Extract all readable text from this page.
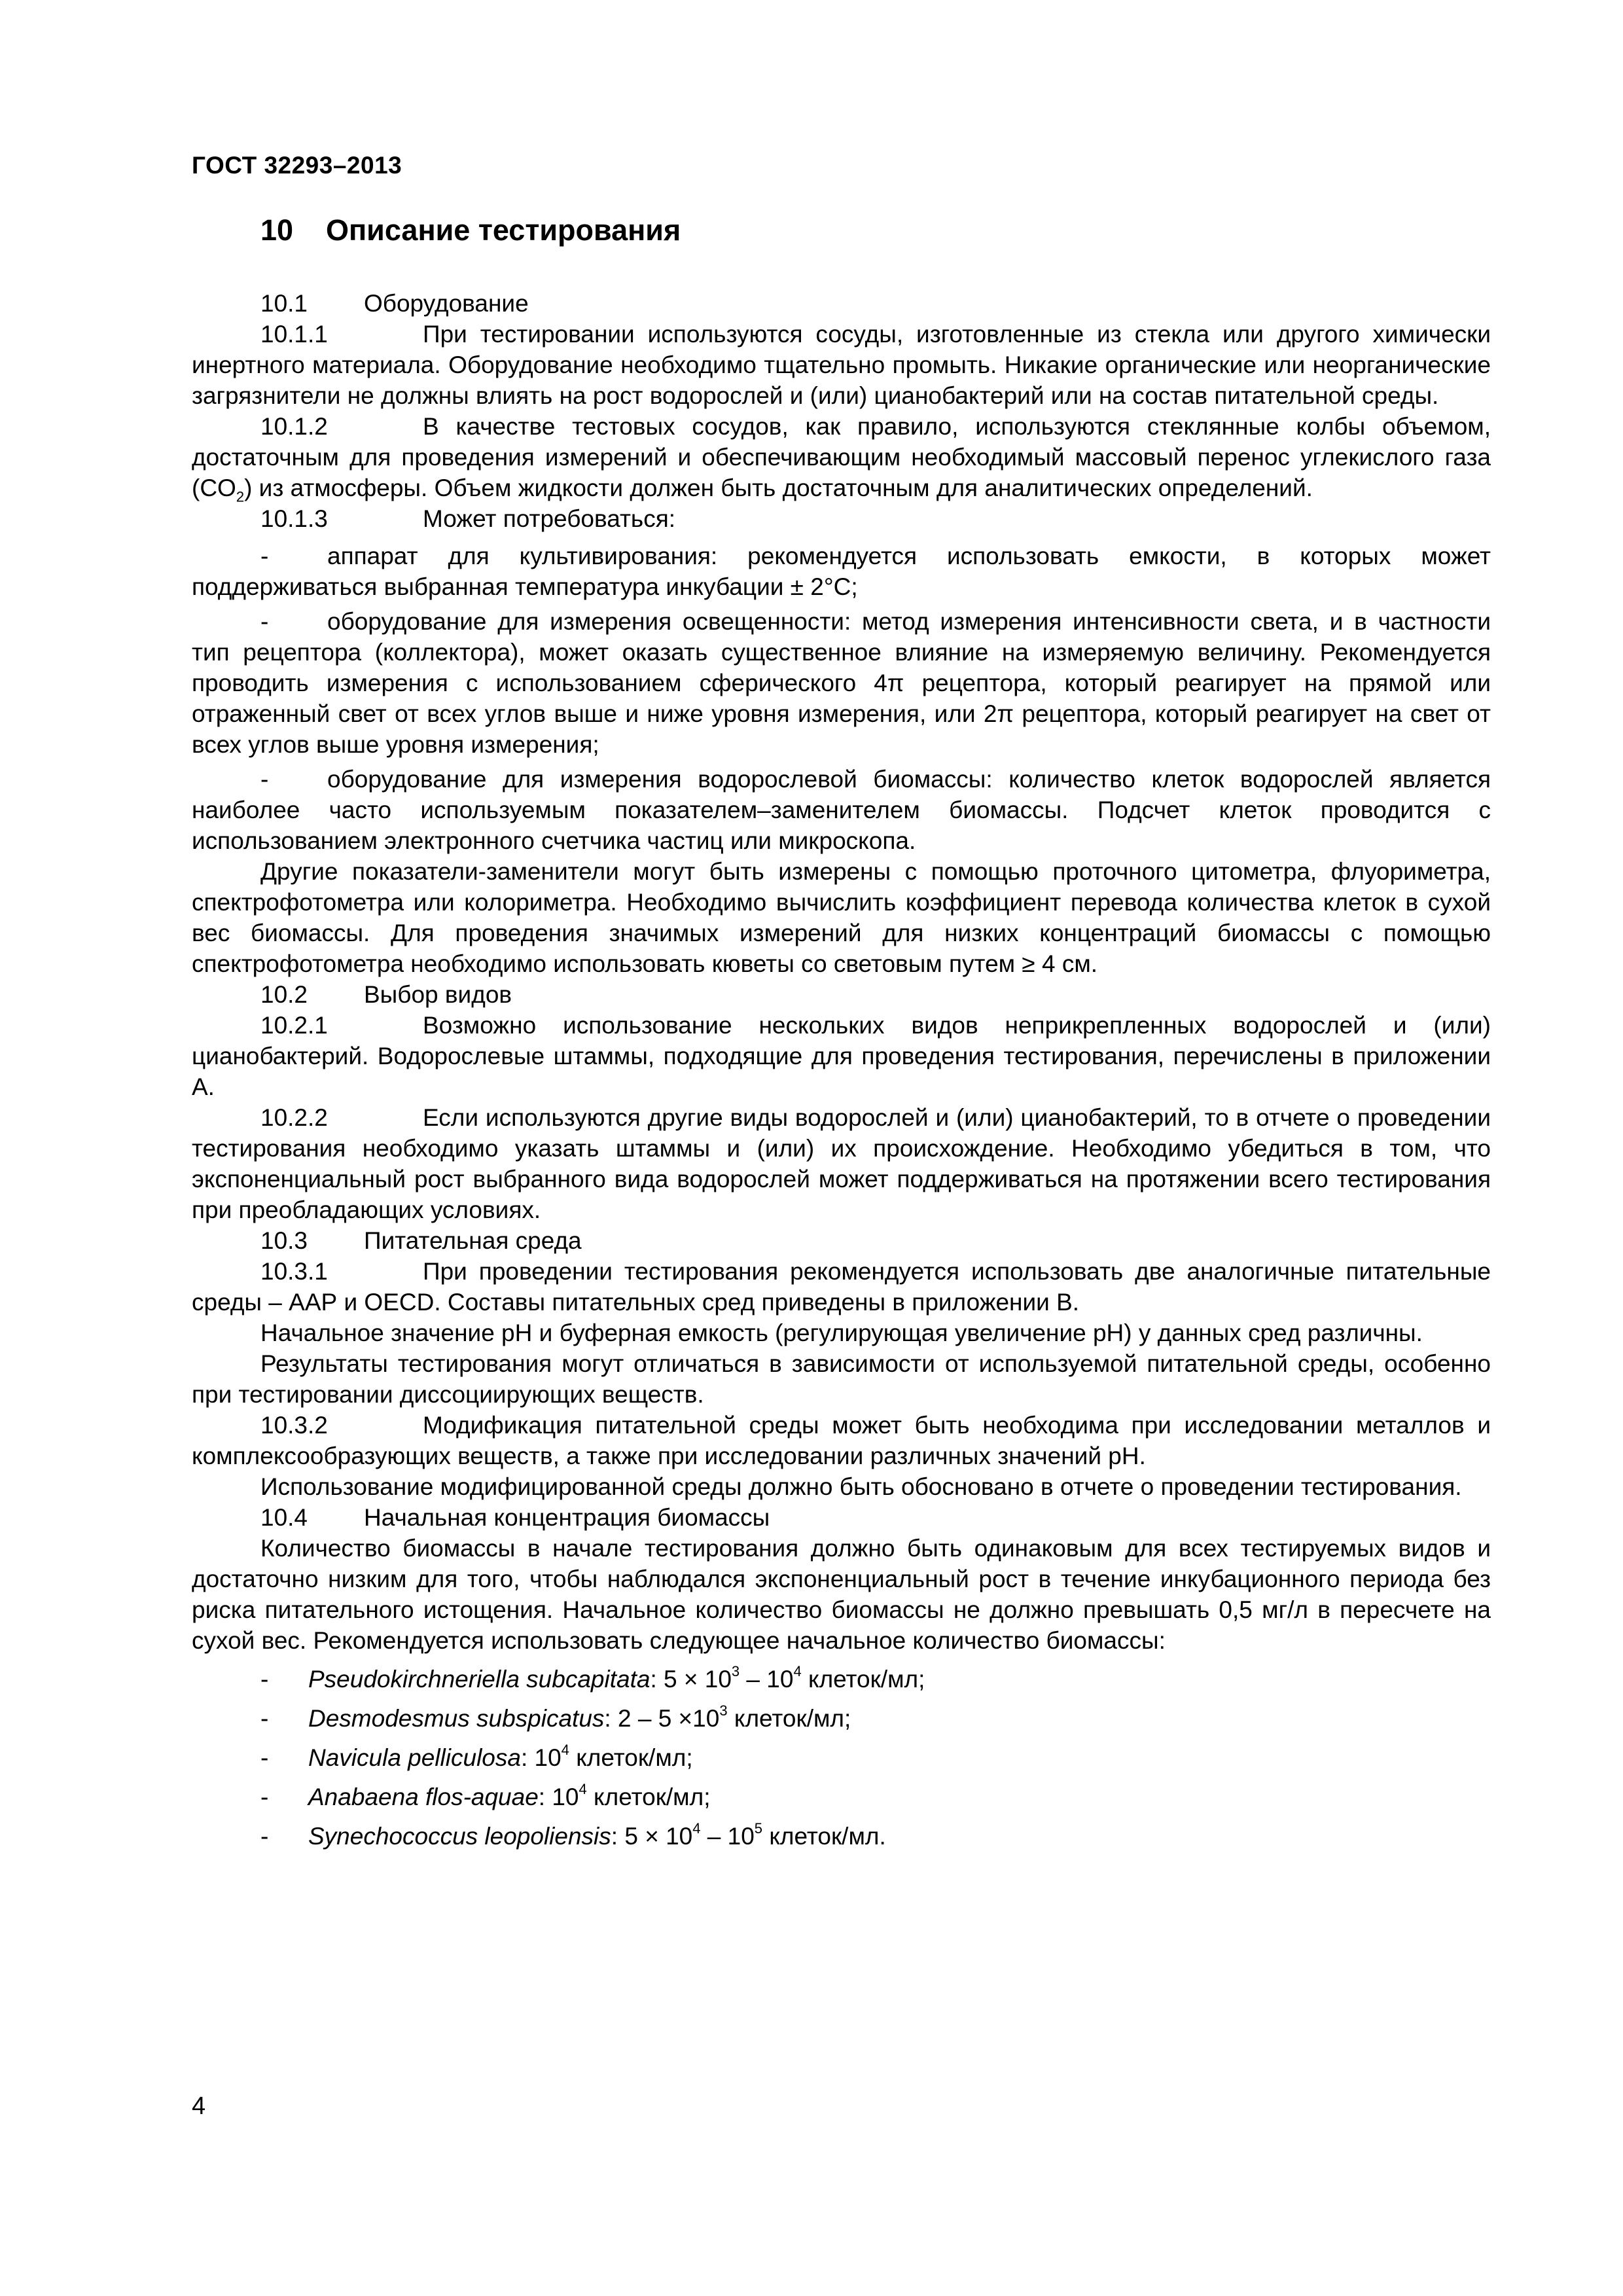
ГОСТ 32293–2013
10 Описание тестирования

10.1 Оборудование

10.1.1	При тестировании используются сосуды, изготовленные из стекла или другого химически инертного материала. Оборудование необходимо тщательно промыть. Никакие органические или неорганические загрязнители не должны влиять на рост водорослей и (или) цианобактерий или на состав питательной среды.

10.1.2	В качестве тестовых сосудов, как правило, используются стеклянные колбы объемом, достаточным для проведения измерений и обеспечивающим необходимый массовый перенос углекислого газа $(CO_2)$ из атмосферы. Объем жидкости должен быть достаточным для аналитических определений.

10.1.3	Может потребоваться:

- аппарат для культивирования: рекомендуется использовать емкости, в которых может поддерживаться выбранная температура инкубации ± 2°С;

- оборудование для измерения освещенности: метод измерения интенсивности света, и в частности тип рецептора (коллектора), может оказать существенное влияние на измеряемую величину. Рекомендуется проводить измерения с использованием сферического 4π рецептора, который реагирует на прямой или отраженный свет от всех углов выше и ниже уровня измерения, или 2π рецептора, который реагирует на свет от всех углов выше уровня измерения;

- оборудование для измерения водорослевой биомассы: количество клеток водорослей является наиболее часто используемым показателем–заменителем биомассы. Подсчет клеток проводится с использованием электронного счетчика частиц или микроскопа.

Другие показатели-заменители могут быть измерены с помощью проточного цитометра, флуориметра, спектрофотометра или колориметра. Необходимо вычислить коэффициент перевода количества клеток в сухой вес биомассы. Для проведения значимых измерений для низких концентраций биомассы с помощью спектрофотометра необходимо использовать кюветы со световым путем ≥ 4 см.

10.2 Выбор видов

10.2.1	Возможно использование нескольких видов неприкрепленных водорослей и (или) цианобактерий. Водорослевые штаммы, подходящие для проведения тестирования, перечислены в приложении А.

10.2.2	Если используются другие виды водорослей и (или) цианобактерий, то в отчете о проведении тестирования необходимо указать штаммы и (или) их происхождение. Необходимо убедиться в том, что экспоненциальный рост выбранного вида водорослей может поддерживаться на протяжении всего тестирования при преобладающих условиях.

10.3 Питательная среда

10.3.1	При проведении тестирования рекомендуется использовать две аналогичные питательные среды – ААР и OECD. Составы питательных сред приведены в приложении В.

Начальное значение рН и буферная емкость (регулирующая увеличение рН) у данных сред различны.

Результаты тестирования могут отличаться в зависимости от используемой питательной среды, особенно при тестировании диссоциирующих веществ.

10.3.2	Модификация питательной среды может быть необходима при исследовании металлов и комплексообразующих веществ, а также при исследовании различных значений рН.

Использование модифицированной среды должно быть обосновано в отчете о проведении тестирования.

10.4 Начальная концентрация биомассы

Количество биомассы в начале тестирования должно быть одинаковым для всех тестируемых видов и достаточно низким для того, чтобы наблюдался экспоненциальный рост в течение инкубационного периода без риска питательного истощения. Начальное количество биомассы не должно превышать 0,5 мг/л в пересчете на сухой вес. Рекомендуется использовать следующее начальное количество биомассы:

- Pseudokirchneriella subcapitata: $5 \times 10^3 - 10^4$ клеток/мл;
- Desmodesmus subspicatus: $2 - 5 \times 10^3$ клеток/мл;
- Navicula pelliculosa: $10^4$ клеток/мл;
- Anabaena flos-aquae: $10^4$ клеток/мл;
- Synechococcus leopoliensis: $5 \times 10^4 - 10^5$ клеток/мл.
4
